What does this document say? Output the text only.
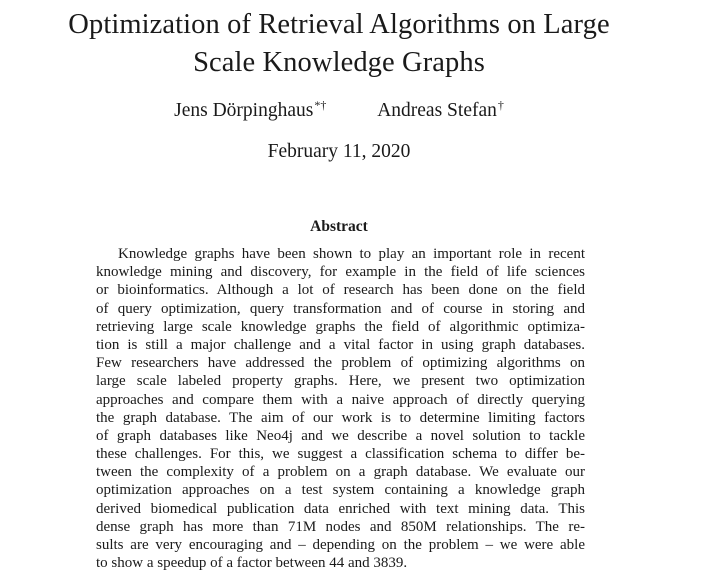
Optimization of Retrieval Algorithms on Large
Scale Knowledge Graphs
Jens Dörpinghaus*†	Andreas Stefan†
February 11, 2020
Abstract
Knowledge graphs have been shown to play an important role in recent
knowledge mining and discovery, for example in the field of life sciences
or bioinformatics. Although a lot of research has been done on the field
of query optimization, query transformation and of course in storing and
retrieving large scale knowledge graphs the field of algorithmic optimiza-
tion is still a major challenge and a vital factor in using graph databases.
Few researchers have addressed the problem of optimizing algorithms on
large scale labeled property graphs. Here, we present two optimization
approaches and compare them with a naive approach of directly querying
the graph database. The aim of our work is to determine limiting factors
of graph databases like Neo4j and we describe a novel solution to tackle
these challenges. For this, we suggest a classification schema to differ be-
tween the complexity of a problem on a graph database. We evaluate our
optimization approaches on a test system containing a knowledge graph
derived biomedical publication data enriched with text mining data. This
dense graph has more than 71M nodes and 850M relationships. The re-
sults are very encouraging and – depending on the problem – we were able
to show a speedup of a factor between 44 and 3839.
